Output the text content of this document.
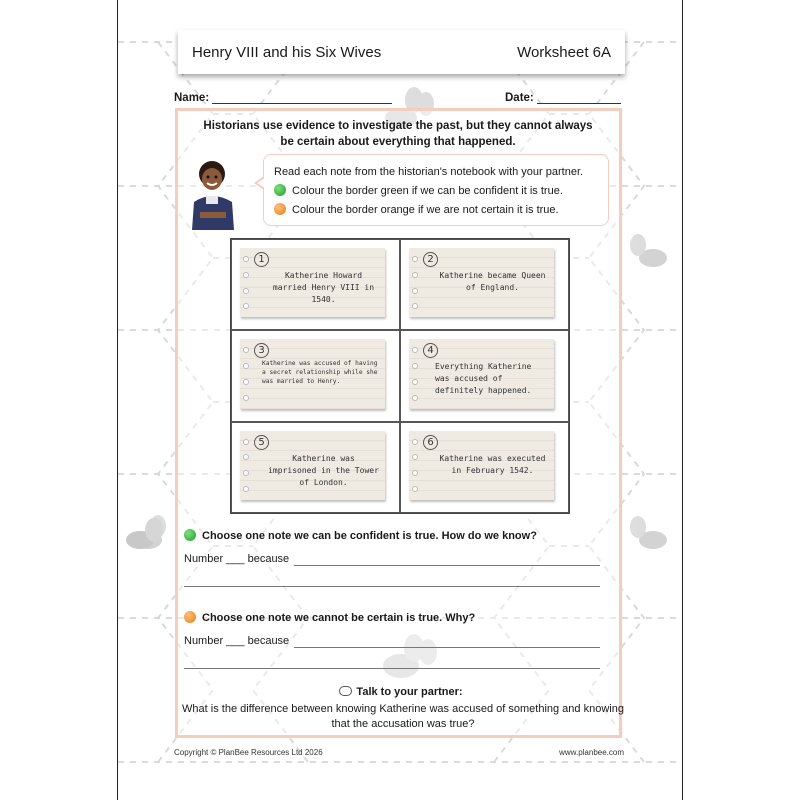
Henry VIII and his Six Wives	Worksheet 6A
Name:	Date:
Historians use evidence to investigate the past, but they cannot always be certain about everything that happened.
Read each note from the historian's notebook with your partner.
Colour the border green if we can be confident it is true.
Colour the border orange if we are not certain it is true.
1
Katherine Howard married Henry VIII in 1540.
2
Katherine became Queen of England.
3
Katherine was accused of having a secret relationship while she was married to Henry.
4
Everything Katherine was accused of definitely happened.
5
Katherine was imprisoned in the Tower of London.
6
Katherine was executed in February 1542.
Choose one note we can be confident is true. How do we know?
Number ___ because
Choose one note we cannot be certain is true. Why?
Number ___ because
Talk to your partner:
What is the difference between knowing Katherine was accused of something and knowing that the accusation was true?
Copyright © PlanBee Resources Ltd 2026	www.planbee.com
